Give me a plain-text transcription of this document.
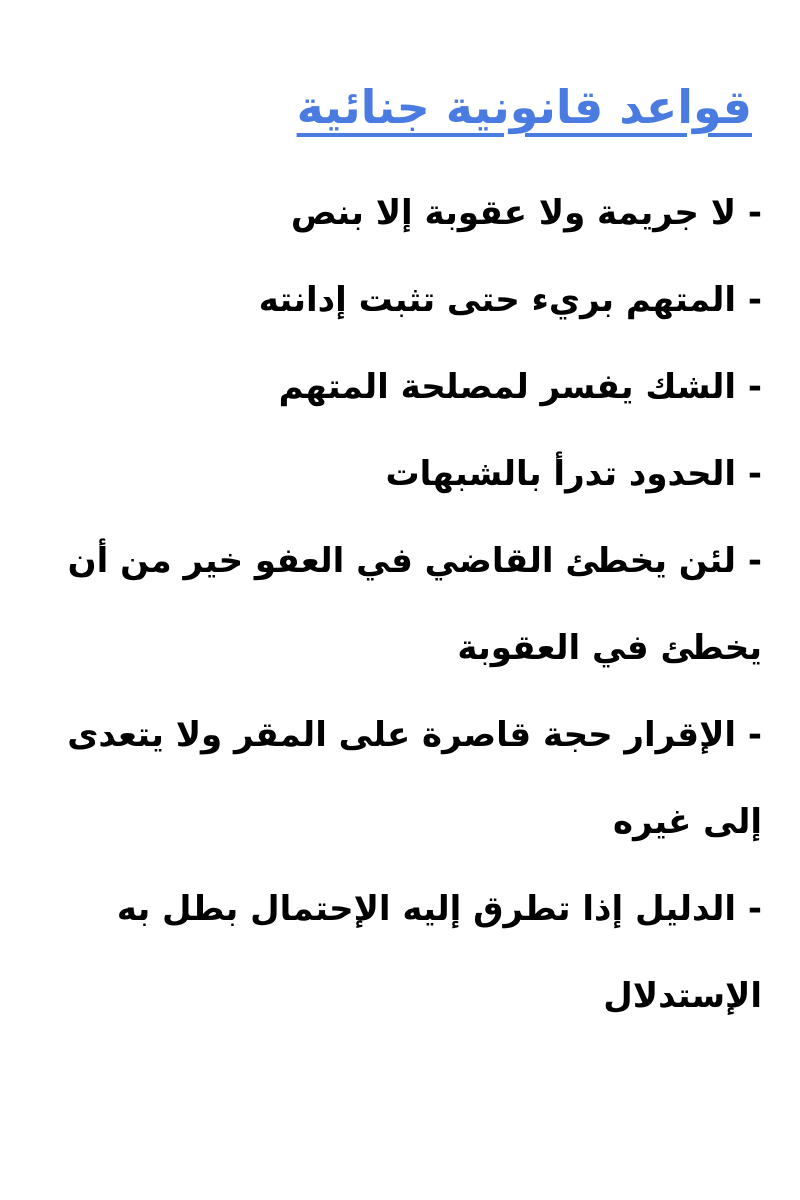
قواعد قانونية جنائية
- لا جريمة ولا عقوبة إلا بنص
- المتهم بريء حتى تثبت إدانته
- الشك يفسر لمصلحة المتهم
- الحدود تدرأ بالشبهات
- لئن يخطئ القاضي في العفو خير من أن يخطئ في العقوبة
- الإقرار حجة قاصرة على المقر ولا يتعدى إلى غيره
- الدليل إذا تطرق إليه الإحتمال بطل به الإستدلال
